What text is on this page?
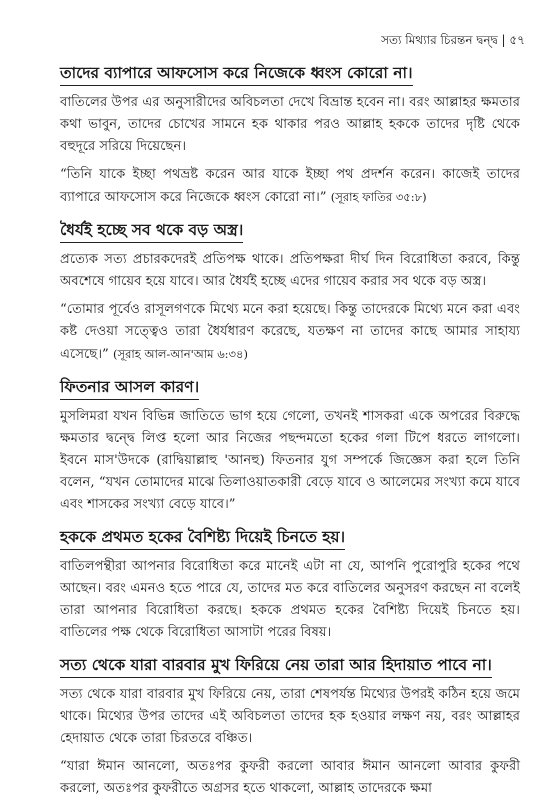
সত্য মিথ্যার চিরন্তন দ্বন্দ্ব | ৫৭
তাদের ব্যাপারে আফসোস করে নিজেকে ধ্বংস কোরো না।

বাতিলের উপর এর অনুসারীদের অবিচলতা দেখে বিভ্রান্ত হবেন না। বরং আল্লাহর ক্ষমতার কথা ভাবুন, তাদের চোখের সামনে হক থাকার পরও আল্লাহ হককে তাদের দৃষ্টি থেকে বহুদূরে সরিয়ে দিয়েছেন।

“তিনি যাকে ইচ্ছা পথভ্রষ্ট করেন আর যাকে ইচ্ছা পথ প্রদর্শন করেন। কাজেই তাদের ব্যাপারে আফসোস করে নিজেকে ধ্বংস কোরো না।” (সূরাহ ফাতির ৩৫:৮)

ধৈর্যই হচ্ছে সব থকে বড় অস্ত্র।

প্রত্যেক সত্য প্রচারকদেরই প্রতিপক্ষ থাকে। প্রতিপক্ষরা দীর্ঘ দিন বিরোধিতা করবে, কিন্তু অবশেষে গায়েব হয়ে যাবে। আর ধৈর্যই হচ্ছে এদের গায়েব করার সব থকে বড় অস্ত্র।

“তোমার পূর্বেও রাসূলগণকে মিথ্যে মনে করা হয়েছে। কিন্তু তাদেরকে মিথ্যে মনে করা এবং কষ্ট দেওয়া সত্ত্বেও তারা ধৈর্যধারণ করেছে, যতক্ষণ না তাদের কাছে আমার সাহায্য এসেছে।” (সূরাহ আল-আন'আম ৬:৩৪)

ফিতনার আসল কারণ।

মুসলিমরা যখন বিভিন্ন জাতিতে ভাগ হয়ে গেলো, তখনই শাসকরা একে অপরের বিরুদ্ধে ক্ষমতার দ্বন্দ্বে লিপ্ত হলো আর নিজের পছন্দমতো হকের গলা টিপে ধরতে লাগলো। ইবনে মাস'উদকে (রাদ্বিয়াল্লাহু 'আনহু) ফিতনার যুগ সম্পর্কে জিজ্ঞেস করা হলে তিনি বলেন, “যখন তোমাদের মাঝে তিলাওয়াতকারী বেড়ে যাবে ও আলেমের সংখ্যা কমে যাবে এবং শাসকের সংখ্যা বেড়ে যাবে।”

হককে প্রথমত হকের বৈশিষ্ট্য দিয়েই চিনতে হয়।

বাতিলপন্থীরা আপনার বিরোধিতা করে মানেই এটা না যে, আপনি পুরোপুরি হকের পথে আছেন। বরং এমনও হতে পারে যে, তাদের মত করে বাতিলের অনুসরণ করছেন না বলেই তারা আপনার বিরোধিতা করছে। হককে প্রথমত হকের বৈশিষ্ট্য দিয়েই চিনতে হয়। বাতিলের পক্ষ থেকে বিরোধিতা আসাটা পরের বিষয়।

সত্য থেকে যারা বারবার মুখ ফিরিয়ে নেয় তারা আর হিদায়াত পাবে না।

সত্য থেকে যারা বারবার মুখ ফিরিয়ে নেয়, তারা শেষপর্যন্ত মিথ্যের উপরই কঠিন হয়ে জমে থাকে। মিথ্যের উপর তাদের এই অবিচলতা তাদের হক হওয়ার লক্ষণ নয়, বরং আল্লাহর হেদায়াত থেকে তারা চিরতরে বঞ্চিত।

“যারা ঈমান আনলো, অতঃপর কুফরী করলো আবার ঈমান আনলো আবার কুফরী করলো, অতঃপর কুফরীতে অগ্রসর হতে থাকলো, আল্লাহ তাদেরকে ক্ষমা
